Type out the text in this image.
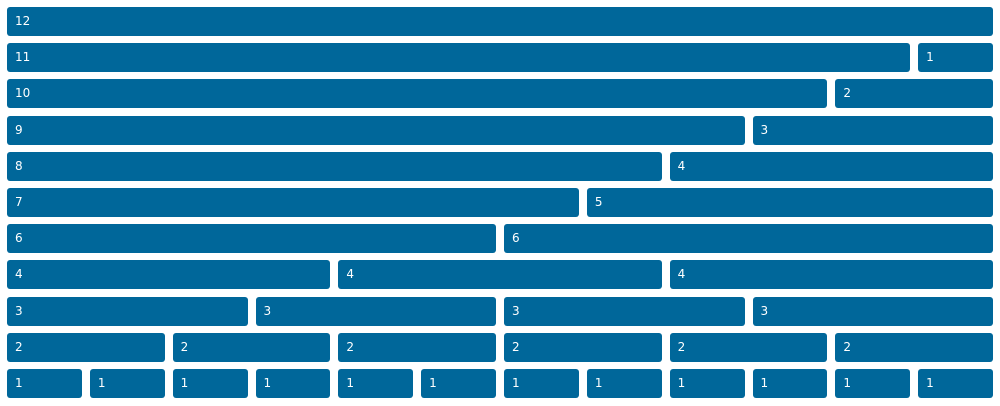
12
11	1
10	2
9	3
8	4
7	5
6	6
4	4	4
3	3	3	3
2	2	2	2	2	2
1	1	1	1	1	1	1	1	1	1	1	1
